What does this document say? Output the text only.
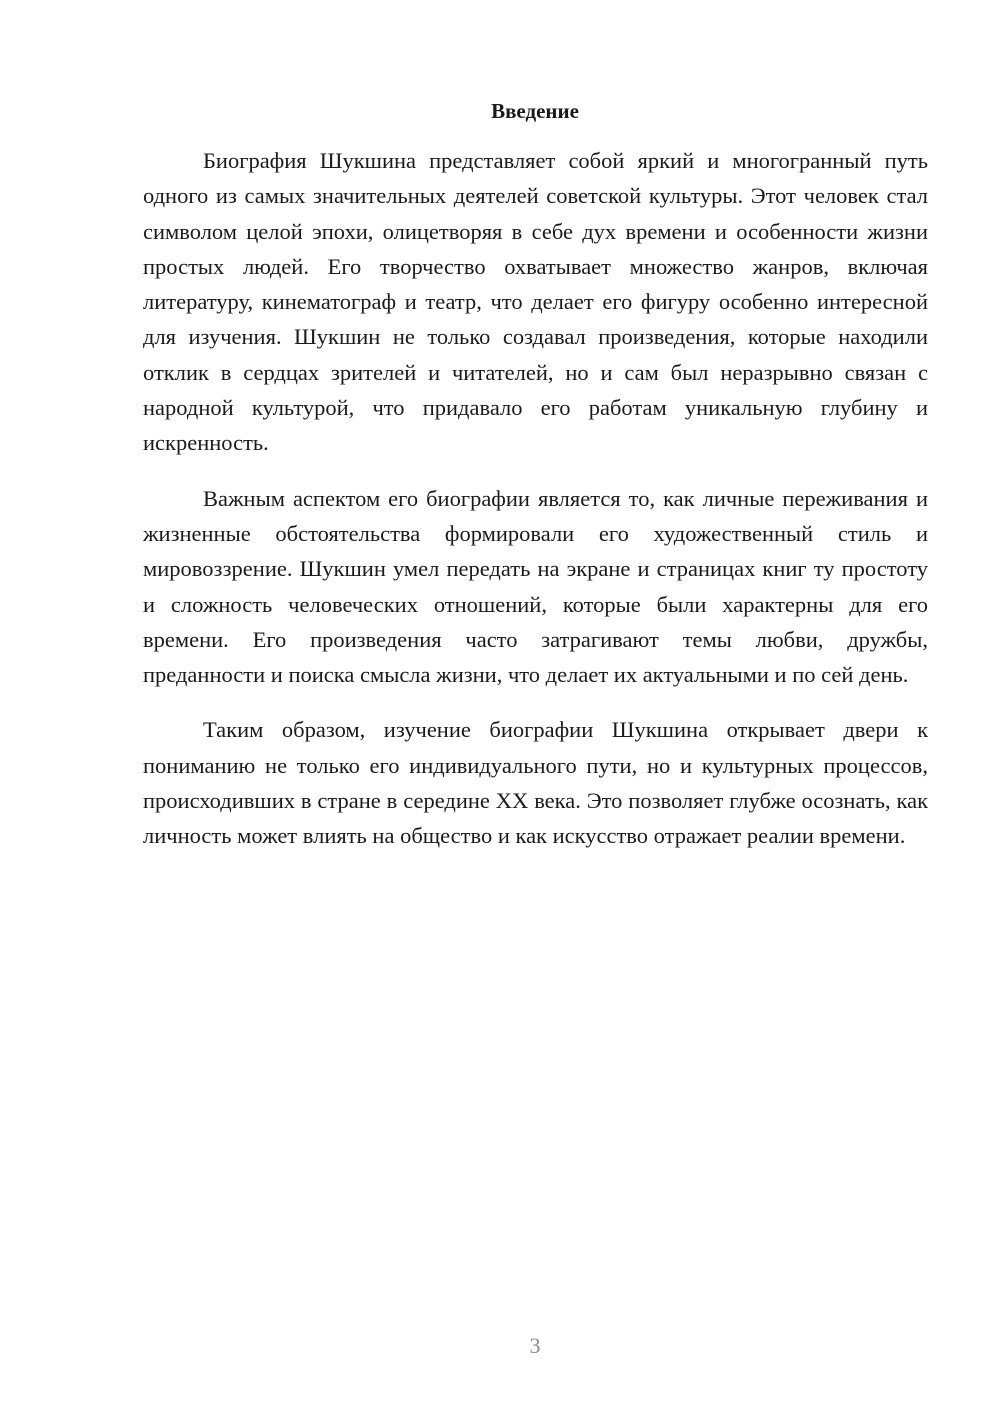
Введение

Биография Шукшина представляет собой яркий и многогранный путь одного из самых значительных деятелей советской культуры. Этот человек стал символом целой эпохи, олицетворяя в себе дух времени и особенности жизни простых людей. Его творчество охватывает множество жанров, включая литературу, кинематограф и театр, что делает его фигуру особенно интересной для изучения. Шукшин не только создавал произведения, которые находили отклик в сердцах зрителей и читателей, но и сам был неразрывно связан с народной культурой, что придавало его работам уникальную глубину и искренность.

Важным аспектом его биографии является то, как личные переживания и жизненные обстоятельства формировали его художественный стиль и мировоззрение. Шукшин умел передать на экране и страницах книг ту простоту и сложность человеческих отношений, которые были характерны для его времени. Его произведения часто затрагивают темы любви, дружбы, преданности и поиска смысла жизни, что делает их актуальными и по сей день.

Таким образом, изучение биографии Шукшина открывает двери к пониманию не только его индивидуального пути, но и культурных процессов, происходивших в стране в середине XX века. Это позволяет глубже осознать, как личность может влиять на общество и как искусство отражает реалии времени.

3
